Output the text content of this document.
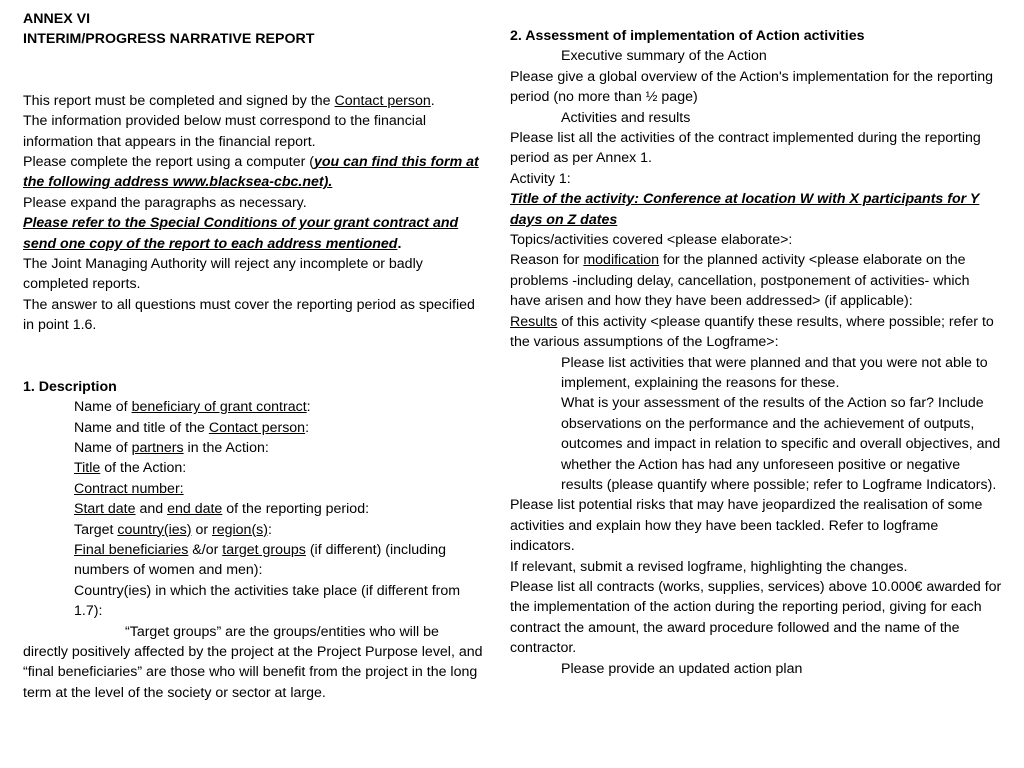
ANNEX VI

INTERIM/PROGRESS NARRATIVE REPORT

This report must be completed and signed by the Contact person.

The information provided below must correspond to the financial information that appears in the financial report.

Please complete the report using a computer (you can find this form at the following address www.blacksea-cbc.net).

Please expand the paragraphs as necessary.

Please refer to the Special Conditions of your grant contract and send one copy of the report to each address mentioned.

The Joint Managing Authority will reject any incomplete or badly completed reports.

The answer to all questions must cover the reporting period as specified in point 1.6.

1. Description

Name of beneficiary of grant contract:

Name and title of the Contact person:

Name of partners in the Action:

Title of the Action:

Contract number:

Start date and end date of the reporting period:

Target country(ies) or region(s):

Final beneficiaries &/or target groups (if different) (including numbers of women and men):

Country(ies) in which the activities take place (if different from 1.7):

“Target groups” are the groups/entities who will be directly positively affected by the project at the Project Purpose level, and “final beneficiaries” are those who will benefit from the project in the long term at the level of the society or sector at large.

2. Assessment of implementation of Action activities

Executive summary of the Action

Please give a global overview of the Action's implementation for the reporting period (no more than ½ page)

Activities and results

Please list all the activities of the contract implemented during the reporting period as per Annex 1.

Activity 1:

Title of the activity: Conference at location W with X participants for Y days on Z dates

Topics/activities covered <please elaborate>:

Reason for modification for the planned activity <please elaborate on the problems -including delay, cancellation, postponement of activities- which have arisen and how they have been addressed> (if applicable):

Results of this activity <please quantify these results, where possible; refer to the various assumptions of the Logframe>:

Please list activities that were planned and that you were not able to implement, explaining the reasons for these.

What is your assessment of the results of the Action so far? Include observations on the performance and the achievement of outputs, outcomes and impact in relation to specific and overall objectives, and whether the Action has had any unforeseen positive or negative results (please quantify where possible; refer to Logframe Indicators).

Please list potential risks that may have jeopardized the realisation of some activities and explain how they have been tackled. Refer to logframe indicators.

If relevant, submit a revised logframe, highlighting the changes.

Please list all contracts (works, supplies, services) above 10.000€ awarded for the implementation of the action during the reporting period, giving for each contract the amount, the award procedure followed and the name of the contractor.

Please provide an updated action plan
